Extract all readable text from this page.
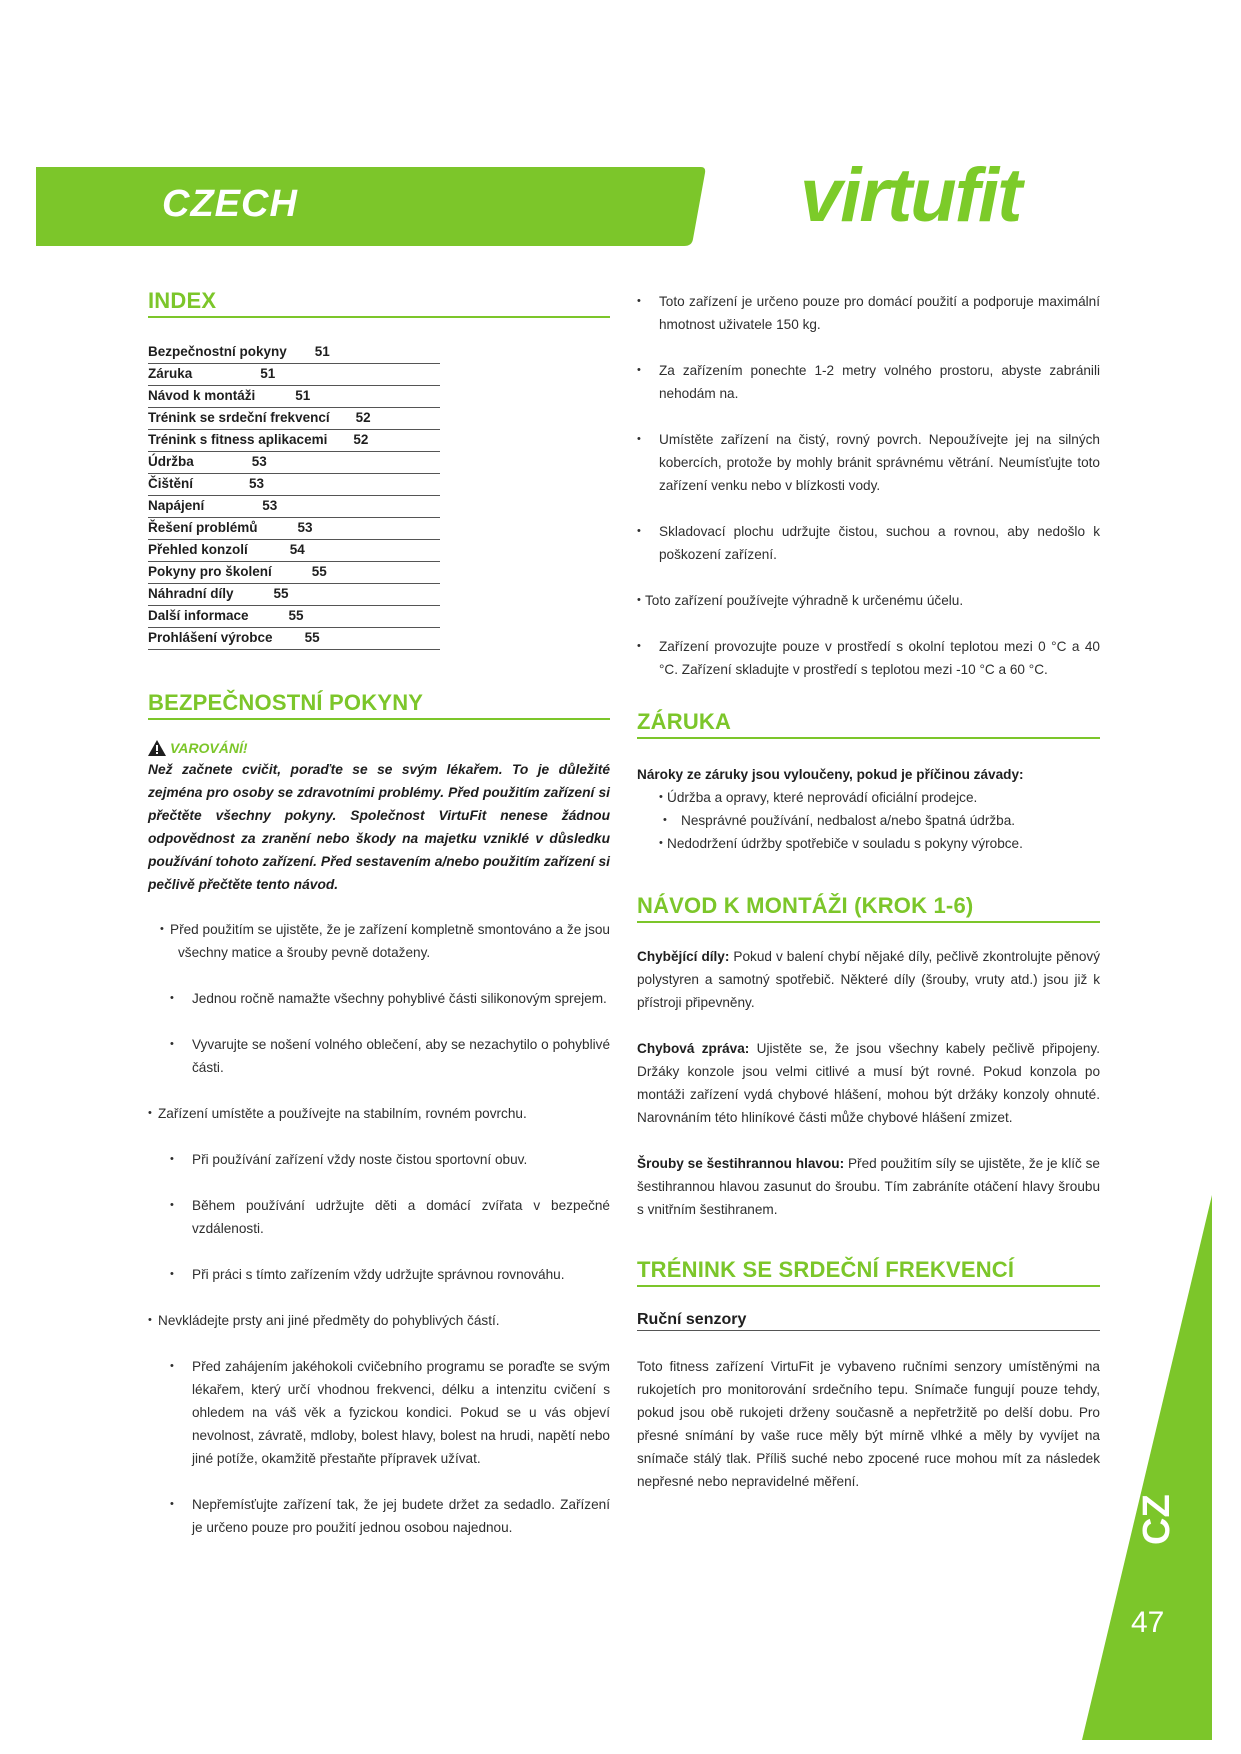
CZECH	virtufit
INDEX
Bezpečnostní pokyny 51
Záruka	51
Návod k montáži	51
Trénink se srdeční frekvencí 52
Trénink s fitness aplikacemi 52
Údržba	53
Čištění	53
Napájení	53
Řešení problémů	53
Přehled konzolí	54
Pokyny pro školení	55
Náhradní díly	55
Další informace	55
Prohlášení výrobce 55
BEZPEČNOSTNÍ POKYNY
VAROVÁNÍ!

Než začnete cvičit, poraďte se se svým lékařem. To je důležité zejména pro osoby se zdravotními problémy. Před použitím zařízení si přečtěte všechny pokyny. Společnost VirtuFit nenese žádnou odpovědnost za zranění nebo škody na majetku vzniklé v důsledku používání tohoto zařízení. Před sestavením a/nebo použitím zařízení si pečlivě přečtěte tento návod.

• Před použitím se ujistěte, že je zařízení kompletně smontováno a že jsou všechny matice a šrouby pevně dotaženy.
• Jednou ročně namažte všechny pohyblivé části silikonovým sprejem.
• Vyvarujte se nošení volného oblečení, aby se nezachytilo o pohyblivé části.
• Zařízení umístěte a používejte na stabilním, rovném povrchu.
• Při používání zařízení vždy noste čistou sportovní obuv.
• Během používání udržujte děti a domácí zvířata v bezpečné vzdálenosti.
• Při práci s tímto zařízením vždy udržujte správnou rovnováhu.
• Nevkládejte prsty ani jiné předměty do pohyblivých částí.
• Před zahájením jakéhokoli cvičebního programu se poraďte se svým lékařem, který určí vhodnou frekvenci, délku a intenzitu cvičení s ohledem na váš věk a fyzickou kondici. Pokud se u vás objeví nevolnost, závratě, mdloby, bolest hlavy, bolest na hrudi, napětí nebo jiné potíže, okamžitě přestaňte přípravek užívat.
• Nepřemísťujte zařízení tak, že jej budete držet za sedadlo. Zařízení je určeno pouze pro použití jednou osobou najednou.
• Toto zařízení je určeno pouze pro domácí použití a podporuje maximální hmotnost uživatele 150 kg.
• Za zařízením ponechte 1-2 metry volného prostoru, abyste zabránili nehodám na.
• Umístěte zařízení na čistý, rovný povrch. Nepoužívejte jej na silných kobercích, protože by mohly bránit správnému větrání. Neumísťujte toto zařízení venku nebo v blízkosti vody.
• Skladovací plochu udržujte čistou, suchou a rovnou, aby nedošlo k poškození zařízení.
• Toto zařízení používejte výhradně k určenému účelu.
• Zařízení provozujte pouze v prostředí s okolní teplotou mezi 0 °C a 40 °C. Zařízení skladujte v prostředí s teplotou mezi -10 °C a 60 °C.
ZÁRUKA
Nároky ze záruky jsou vyloučeny, pokud je příčinou závady:
• Údržba a opravy, které neprovádí oficiální prodejce.
• Nesprávné používání, nedbalost a/nebo špatná údržba.
• Nedodržení údržby spotřebiče v souladu s pokyny výrobce.
NÁVOD K MONTÁŽI (KROK 1-6)

Chybějící díly: Pokud v balení chybí nějaké díly, pečlivě zkontrolujte pěnový polystyren a samotný spotřebič. Některé díly (šrouby, vruty atd.) jsou již k přístroji připevněny.

Chybová zpráva: Ujistěte se, že jsou všechny kabely pečlivě připojeny. Držáky konzole jsou velmi citlivé a musí být rovné. Pokud konzola po montáži zařízení vydá chybové hlášení, mohou být držáky konzoly ohnuté. Narovnáním této hliníkové části může chybové hlášení zmizet.

Šrouby se šestihrannou hlavou: Před použitím síly se ujistěte, že je klíč se šestihrannou hlavou zasunut do šroubu. Tím zabráníte otáčení hlavy šroubu s vnitřním šestihranem.

TRÉNINK SE SRDEČNÍ FREKVENCÍ
Ruční senzory

Toto fitness zařízení VirtuFit je vybaveno ručními senzory umístěnými na rukojetích pro monitorování srdečního tepu. Snímače fungují pouze tehdy, pokud jsou obě rukojeti drženy současně a nepřetržitě po delší dobu. Pro přesné snímání by vaše ruce měly být mírně vlhké a měly by vyvíjet na snímače stálý tlak. Příliš suché nebo zpocené ruce mohou mít za následek nepřesné nebo nepravidelné měření.

CZ
47
